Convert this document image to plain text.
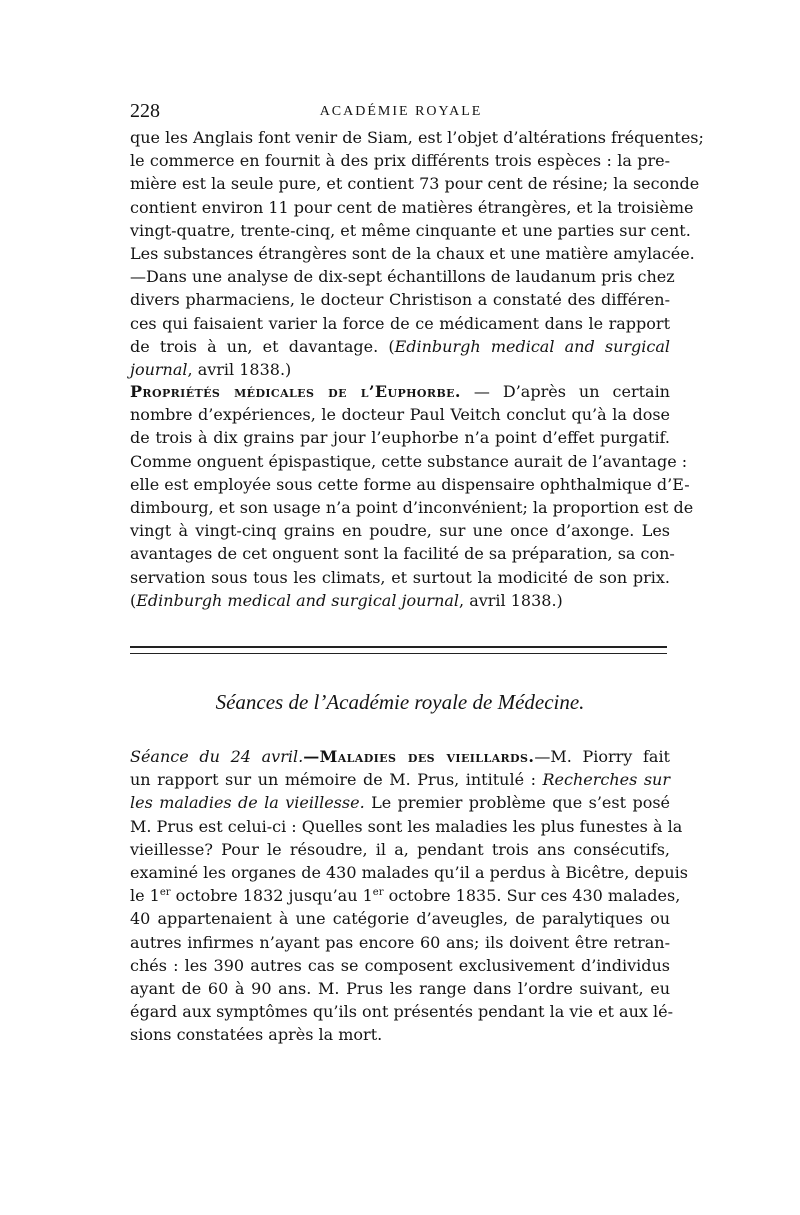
228	ACADÉMIE ROYALE
que les Anglais font venir de Siam, est l’objet d’altérations fréquentes;
le commerce en fournit à des prix différents trois espèces : la pre-
mière est la seule pure, et contient 73 pour cent de résine; la seconde
contient environ 11 pour cent de matières étrangères, et la troisième
vingt-quatre, trente-cinq, et même cinquante et une parties sur cent.
Les substances étrangères sont de la chaux et une matière amylacée.
—Dans une analyse de dix-sept échantillons de laudanum pris chez
divers pharmaciens, le docteur Christison a constaté des différen-
ces qui faisaient varier la force de ce médicament dans le rapport
de trois à un, et davantage. (Edinburgh medical and surgical
journal, avril 1838.)
Propriétés médicales de l’Euphorbe. — D’après un certain
nombre d’expériences, le docteur Paul Veitch conclut qu’à la dose
de trois à dix grains par jour l’euphorbe n’a point d’effet purgatif.
Comme onguent épispastique, cette substance aurait de l’avantage :
elle est employée sous cette forme au dispensaire ophthalmique d’E-
dimbourg, et son usage n’a point d’inconvénient; la proportion est de
vingt à vingt-cinq grains en poudre, sur une once d’axonge. Les
avantages de cet onguent sont la facilité de sa préparation, sa con-
servation sous tous les climats, et surtout la modicité de son prix.
(Edinburgh medical and surgical journal, avril 1838.)
Séances de l’Académie royale de Médecine.
Séance du 24 avril.—Maladies des vieillards.—M. Piorry fait
un rapport sur un mémoire de M. Prus, intitulé : Recherches sur
les maladies de la vieillesse. Le premier problème que s’est posé
M. Prus est celui-ci : Quelles sont les maladies les plus funestes à la
vieillesse? Pour le résoudre, il a, pendant trois ans consécutifs,
examiné les organes de 430 malades qu’il a perdus à Bicêtre, depuis
le 1er octobre 1832 jusqu’au 1er octobre 1835. Sur ces 430 malades,
40 appartenaient à une catégorie d’aveugles, de paralytiques ou
autres infirmes n’ayant pas encore 60 ans; ils doivent être retran-
chés : les 390 autres cas se composent exclusivement d’individus
ayant de 60 à 90 ans. M. Prus les range dans l’ordre suivant, eu
égard aux symptômes qu’ils ont présentés pendant la vie et aux lé-
sions constatées après la mort.
